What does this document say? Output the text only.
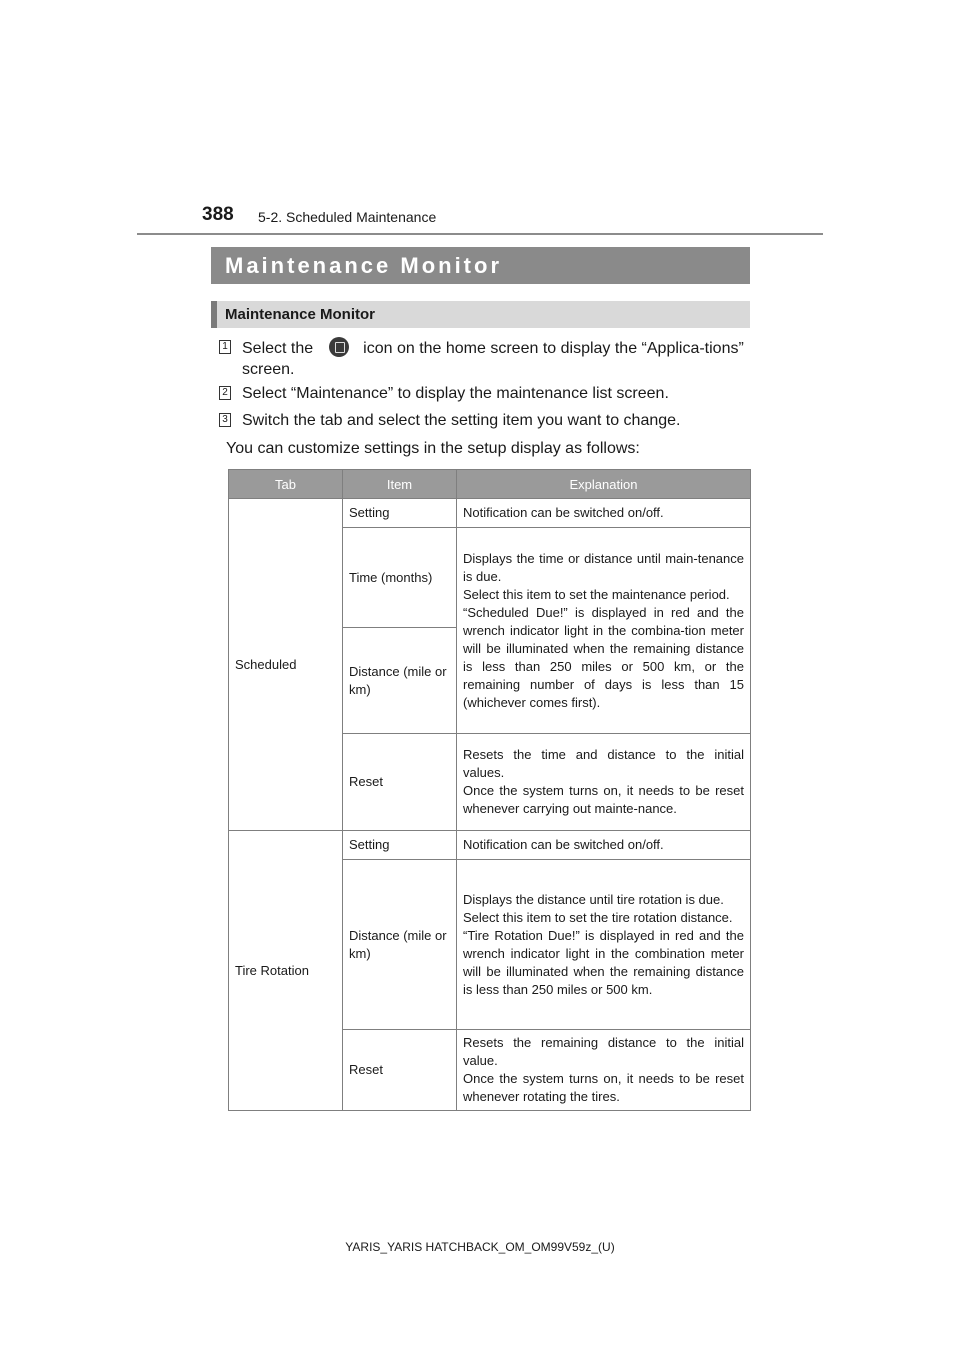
388 5-2. Scheduled Maintenance
Maintenance Monitor
Maintenance Monitor
1 Select the	icon on the home screen to display the “Applica-tions” screen.
2 Select “Maintenance” to display the maintenance list screen.
3 Switch the tab and select the setting item you want to change.
You can customize settings in the setup display as follows:
Tab	Item	Explanation
Scheduled	Setting	Notification can be switched on/off.
	Time (months)	Displays the time or distance until main-tenance is due.
Select this item to set the maintenance period.
“Scheduled Due!” is displayed in red and the wrench indicator light in the combina-tion meter will be illuminated when the remaining distance is less than 250 miles or 500 km, or the remaining number of days is less than 15 (whichever comes first).

	Distance (mile or km)	
	Reset	Resets the time and distance to the initial values.
Once the system turns on, it needs to be reset whenever carrying out mainte-nance.

Tire Rotation	Setting	Notification can be switched on/off.
	Distance (mile or km)	Displays the distance until tire rotation is due.
Select this item to set the tire rotation distance.
“Tire Rotation Due!” is displayed in red and the wrench indicator light in the combination meter will be illuminated when the remaining distance is less than 250 miles or 500 km.

	Reset	Resets the remaining distance to the initial value.
Once the system turns on, it needs to be reset whenever rotating the tires.
YARIS_YARIS HATCHBACK_OM_OM99V59z_(U)
